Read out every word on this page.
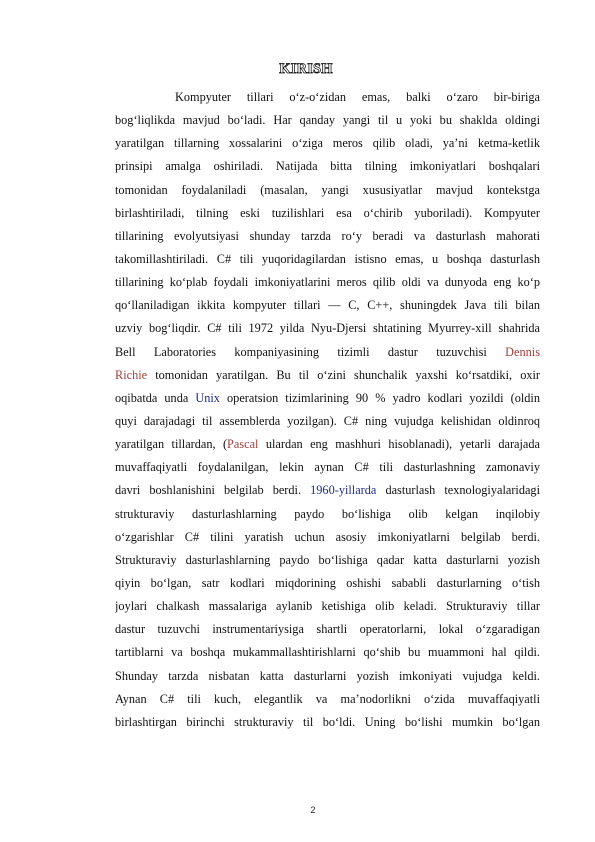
KIRISH
Kompyuter tillari oʻz-oʻzidan emas, balki oʻzaro bir-biriga
bogʻliqlikda mavjud boʻladi. Har qanday yangi til u yoki bu shaklda oldingi
yaratilgan tillarning xossalarini oʻziga meros qilib oladi, yaʼni ketma-ketlik
prinsipi amalga oshiriladi. Natijada bitta tilning imkoniyatlari boshqalari
tomonidan foydalaniladi (masalan, yangi xususiyatlar mavjud kontekstga
birlashtiriladi, tilning eski tuzilishlari esa oʻchirib yuboriladi). Kompyuter
tillarining evolyutsiyasi shunday tarzda roʻy beradi va dasturlash mahorati
takomillashtiriladi. C# tili yuqoridagilardan istisno emas, u boshqa dasturlash
tillarining koʻplab foydali imkoniyatlarini meros qilib oldi va dunyoda eng koʻp
qoʻllaniladigan ikkita kompyuter tillari — C, C++, shuningdek Java tili bilan
uzviy bogʻliqdir. C# tili 1972 yilda Nyu-Djersi shtatining Myurrey-xill shahrida
Bell Laboratories kompaniyasining tizimli dastur tuzuvchisi Dennis
Richie tomonidan yaratilgan. Bu til oʻzini shunchalik yaxshi koʻrsatdiki, oxir
oqibatda unda Unix operatsion tizimlarining 90 % yadro kodlari yozildi (oldin
quyi darajadagi til assemblerda yozilgan). C# ning vujudga kelishidan oldinroq
yaratilgan tillardan, (Pascal ulardan eng mashhuri hisoblanadi), yetarli darajada
muvaffaqiyatli foydalanilgan, lekin aynan C# tili dasturlashning zamonaviy
davri boshlanishini belgilab berdi. 1960-yillarda dasturlash texnologiyalaridagi
strukturaviy dasturlashlarning paydo boʻlishiga olib kelgan inqilobiy
oʻzgarishlar C# tilini yaratish uchun asosiy imkoniyatlarni belgilab berdi.
Strukturaviy dasturlashlarning paydo boʻlishiga qadar katta dasturlarni yozish
qiyin boʻlgan, satr kodlari miqdorining oshishi sababli dasturlarning oʻtish
joylari chalkash massalariga aylanib ketishiga olib keladi. Strukturaviy tillar
dastur tuzuvchi instrumentariysiga shartli operatorlarni, lokal oʻzgaradigan
tartiblarni va boshqa mukammallashtirishlarni qoʻshib bu muammoni hal qildi.
Shunday tarzda nisbatan katta dasturlarni yozish imkoniyati vujudga keldi.
Aynan C# tili kuch, elegantlik va maʼnodorlikni oʻzida muvaffaqiyatli
birlashtirgan birinchi strukturaviy til boʻldi. Uning boʻlishi mumkin boʻlgan
2
